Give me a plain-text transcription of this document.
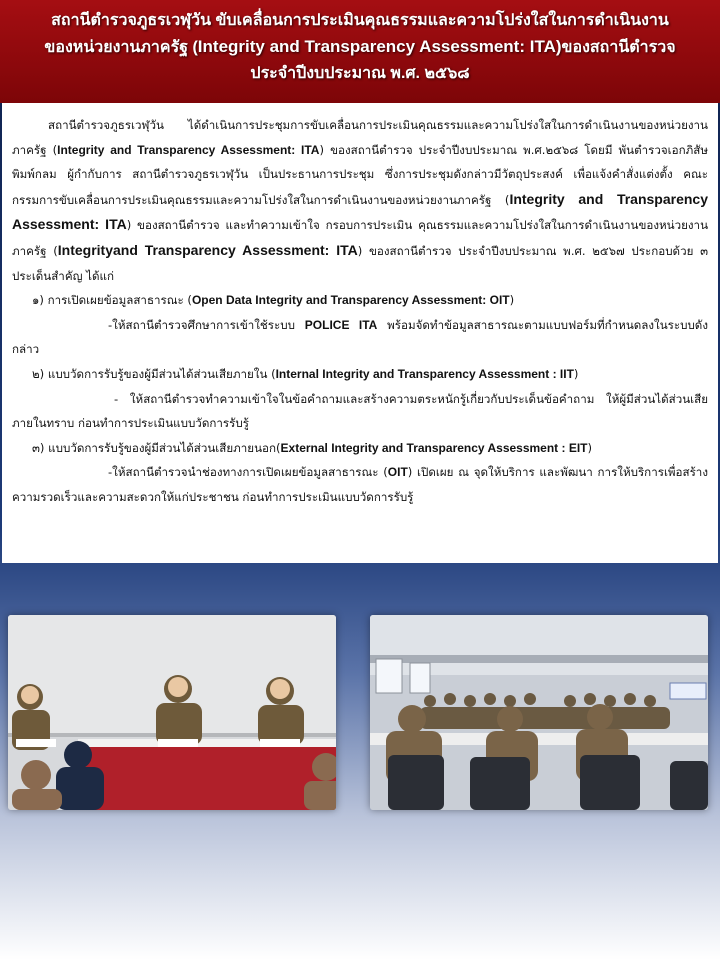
สถานีตำรวจภูธรเวฬุวัน ขับเคลื่อนการประเมินคุณธรรมและความโปร่งใสในการดำเนินงาน
ของหน่วยงานภาครัฐ (Integrity and Transparency Assessment: ITA)ของสถานีตำรวจ
ประจำปีงบประมาณ พ.ศ. ๒๕๖๘

สถานีตำรวจภูธรเวฬุวัน ได้ดำเนินการประชุมการขับเคลื่อนการประเมินคุณธรรมและความโปร่งใสในการดำเนินงานของหน่วยงานภาครัฐ (Integrity and Transparency Assessment: ITA) ของสถานีตำรวจ ประจำปีงบประมาณ พ.ศ.๒๕๖๘ โดยมี พันตำรวจเอกภิสัษ พิมพ์กลม ผู้กำกับการ สถานีตำรวจภูธรเวฬุวัน เป็นประธานการประชุม ซึ่งการประชุมดังกล่าวมีวัตถุประสงค์ เพื่อแจ้งคำสั่งแต่งตั้ง คณะกรรมการขับเคลื่อนการประเมินคุณธรรมและความโปร่งใสในการดำเนินงานของหน่วยงานภาครัฐ (Integrity and Transparency Assessment: ITA) ของสถานีตำรวจ และทำความเข้าใจ กรอบการประเมิน คุณธรรมและความโปร่งใสในการดำเนินงานของหน่วยงานภาครัฐ (Integrityand Transparency Assessment: ITA) ของสถานีตำรวจ ประจำปีงบประมาณ พ.ศ. ๒๕๖๗ ประกอบด้วย ๓ ประเด็นสำคัญ ได้แก่

๑) การเปิดเผยข้อมูลสาธารณะ (Open Data Integrity and Transparency Assessment: OIT)

-ให้สถานีตำรวจศึกษาการเข้าใช้ระบบ POLICE ITA พร้อมจัดทำข้อมูลสาธารณะตามแบบฟอร์มที่กำหนดลงในระบบดังกล่าว

๒) แบบวัดการรับรู้ของผู้มีส่วนได้ส่วนเสียภายใน (Internal Integrity and Transparency Assessment : IIT)

- ให้สถานีตำรวจทำความเข้าใจในข้อคำถามและสร้างความตระหนักรู้เกี่ยวกับประเด็นข้อคำถาม ให้ผู้มีส่วนได้ส่วนเสียภายในทราบ ก่อนทำการประเมินแบบวัดการรับรู้

๓) แบบวัดการรับรู้ของผู้มีส่วนได้ส่วนเสียภายนอก(External Integrity and Transparency Assessment : EIT)

-ให้สถานีตำรวจนำช่องทางการเปิดเผยข้อมูลสาธารณะ (OIT) เปิดเผย ณ จุดให้บริการ และพัฒนา การให้บริการเพื่อสร้างความรวดเร็วและความสะดวกให้แก่ประชาชน ก่อนทำการประเมินแบบวัดการรับรู้
